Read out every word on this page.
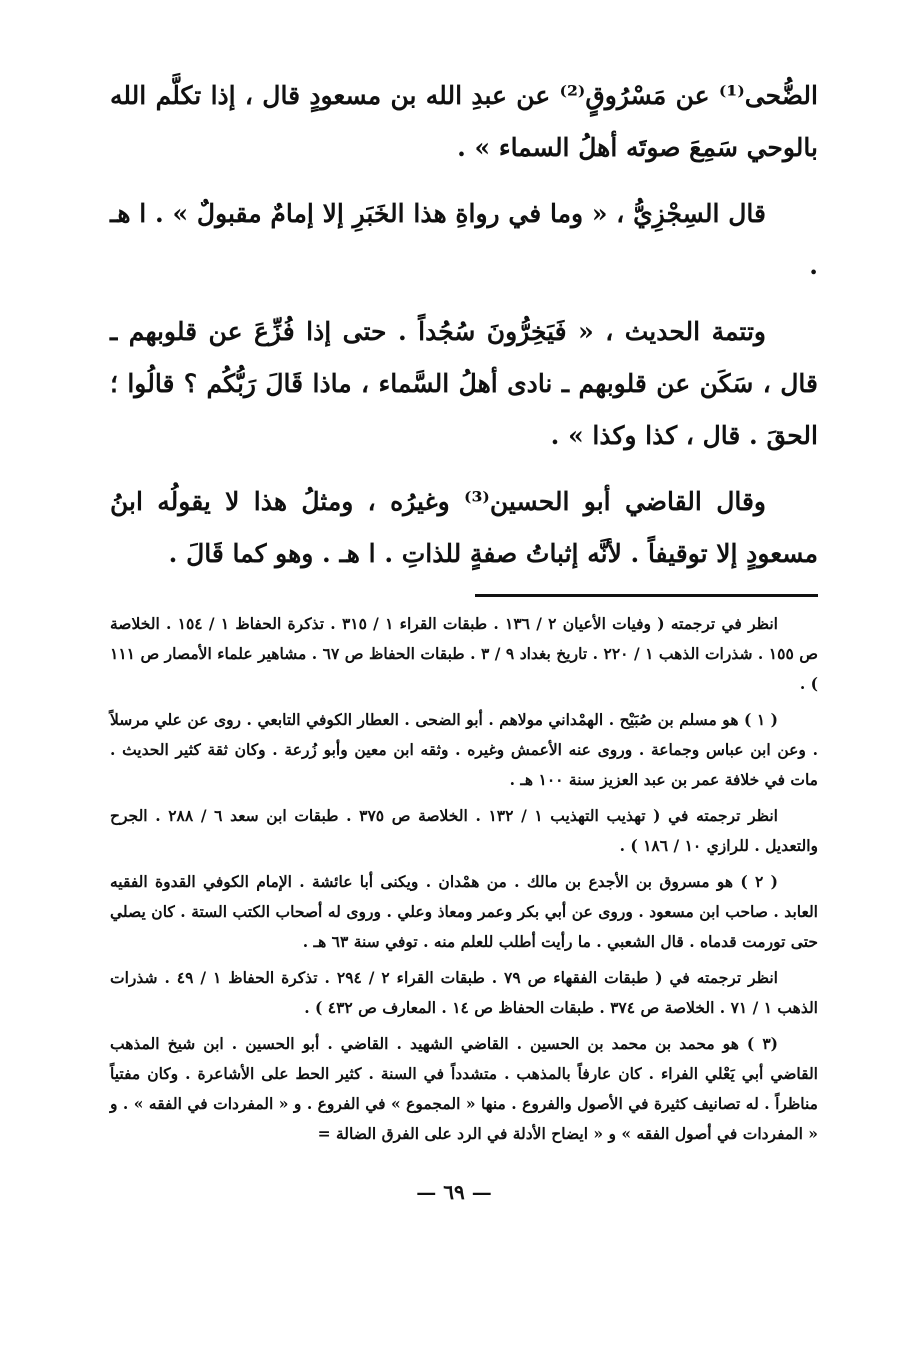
الضُّحى⁽¹⁾ عن مَسْرُوقٍ⁽²⁾ عن عبدِ الله بن مسعودٍ قال ، إذا تكلَّم الله بالوحي سَمِعَ صوتَه أهلُ السماء » .

قال السِجْزِيُّ ، « وما في رواةِ هذا الخَبَرِ إلا إمامٌ مقبولٌ » . ا هـ .

وتتمة الحديث ، « فَيَخِرُّونَ سُجُداً . حتى إذا فُزِّعَ عن قلوبهم ـ قال ، سَكَن عن قلوبهم ـ نادى أهلُ السَّماء ، ماذا قَالَ رَبُّكُم ؟ قالُوا ؛ الحقَ . قال ، كذا وكذا » .

وقال القاضي أبو الحسين⁽³⁾ وغيرُه ، ومثلُ هذا لا يقولُه ابنُ مسعودٍ إلا توقيفاً . لأنَّه إثباتُ صفةٍ للذاتِ . ا هـ . وهو كما قَالَ .

انظر في ترجمته ( وفيات الأعيان ٢ / ١٣٦ . طبقات القراء ١ / ٣١٥ . تذكرة الحفاظ ١ / ١٥٤ . الخلاصة ص ١٥٥ . شذرات الذهب ١ / ٢٢٠ . تاريخ بغداد ٩ / ٣ . طبقات الحفاظ ص ٦٧ . مشاهير علماء الأمصار ص ١١١ ) .

( ١ ) هو مسلم بن صُبَيْح . الهمْداني مولاهم . أبو الضحى . العطار الكوفي التابعي . روى عن علي مرسلاً . وعن ابن عباس وجماعة . وروى عنه الأعمش وغيره . وثقه ابن معين وأبو زُرعة . وكان ثقة كثير الحديث . مات في خلافة عمر بن عبد العزيز سنة ١٠٠ هـ .

انظر ترجمته في ( تهذيب التهذيب ١ / ١٣٢ . الخلاصة ص ٣٧٥ . طبقات ابن سعد ٦ / ٢٨٨ . الجرح والتعديل . للرازي ١٠ / ١٨٦ ) .

( ٢ ) هو مسروق بن الأجدع بن مالك . من همْدان . ويكنى أبا عائشة . الإمام الكوفي القدوة الفقيه العابد . صاحب ابن مسعود . وروى عن أبي بكر وعمر ومعاذ وعلي . وروى له أصحاب الكتب الستة . كان يصلي حتى تورمت قدماه . قال الشعبي . ما رأيت أطلب للعلم منه . توفي سنة ٦٣ هـ .

انظر ترجمته في ( طبقات الفقهاء ص ٧٩ . طبقات القراء ٢ / ٢٩٤ . تذكرة الحفاظ ١ / ٤٩ . شذرات الذهب ١ / ٧١ . الخلاصة ص ٣٧٤ . طبقات الحفاظ ص ١٤ . المعارف ص ٤٣٢ ) .

(٣ ) هو محمد بن محمد بن الحسين . القاضي الشهيد . القاضي . أبو الحسين . ابن شيخ المذهب القاضي أبي يَعْلي الفراء . كان عارفاً بالمذهب . متشدداً في السنة . كثير الحط على الأشاعرة . وكان مفتياً مناظراً . له تصانيف كثيرة في الأصول والفروع . منها « المجموع » في الفروع . و « المفردات في الفقه » . و « المفردات في أصول الفقه » و « ايضاح الأدلة في الرد على الفرق الضالة =

— ٦٩ —
